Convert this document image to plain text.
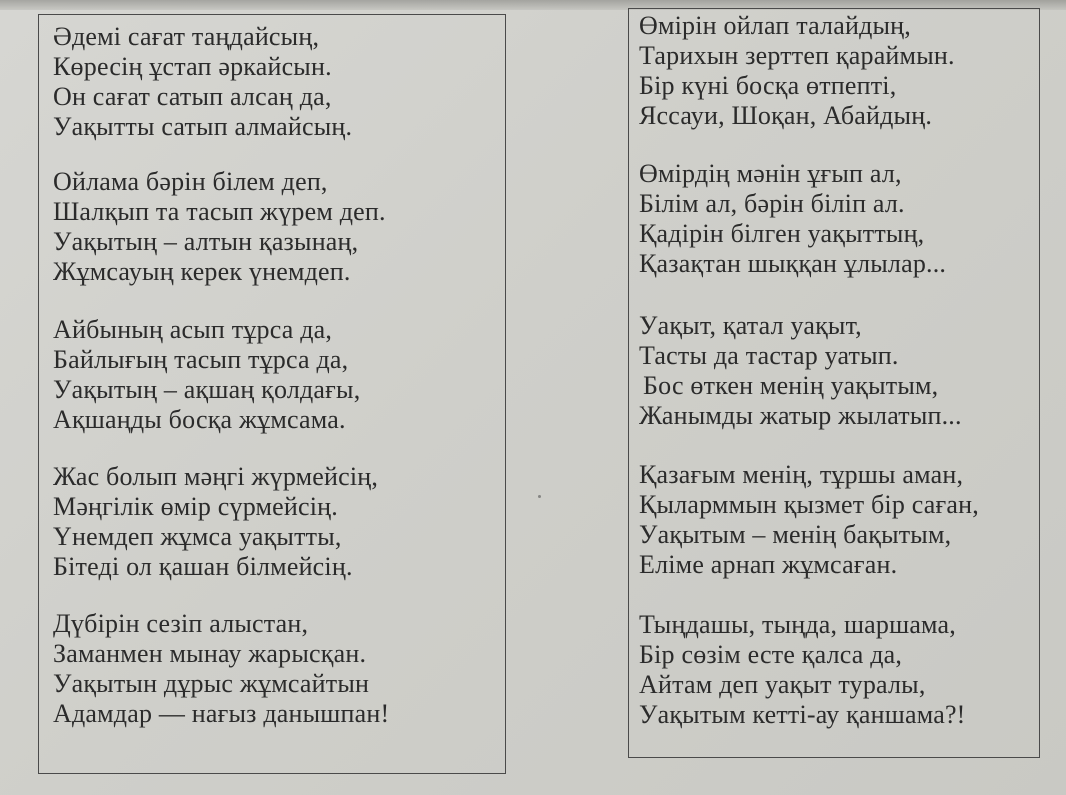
Әдемі сағат таңдайсың,
Көресің ұстап әркайсын.
Он сағат сатып алсаң да,
Уақытты сатып алмайсың.
Ойлама бәрін білем деп,
Шалқып та тасып жүрем деп.
Уақытың – алтын қазынаң,
Жұмсауың керек үнемдеп.
Айбының асып тұрса да,
Байлығың тасып тұрса да,
Уақытың – ақшаң қолдағы,
Ақшаңды босқа жұмсама.
Жас болып мәңгі жүрмейсің,
Мәңгілік өмір сүрмейсің.
Үнемдеп жұмса уақытты,
Бітеді ол қашан білмейсің.
Дүбірін сезіп алыстан,
Заманмен мынау жарысқан.
Уақытын дұрыс жұмсайтын
Адамдар — нағыз данышпан!
Өмірін ойлап талайдың,
Тарихын зерттеп қараймын.
Бір күні босқа өтпепті,
Яссауи, Шоқан, Абайдың.
Өмірдің мәнін ұғып ал,
Білім ал, бәрін біліп ал.
Қадірін білген уақыттың,
Қазақтан шыққан ұлылар...
Уақыт, қатал уақыт,
Тасты да тастар уатып.
Бос өткен менің уақытым,
Жанымды жатыр жылатып...
Қазағым менің, тұршы аман,
Қыларммын қызмет бір саған,
Уақытым – менің бақытым,
Еліме арнап жұмсаған.
Тыңдашы, тыңда, шаршама,
Бір сөзім есте қалса да,
Айтам деп уақыт туралы,
Уақытым кетті-ау қаншама?!
